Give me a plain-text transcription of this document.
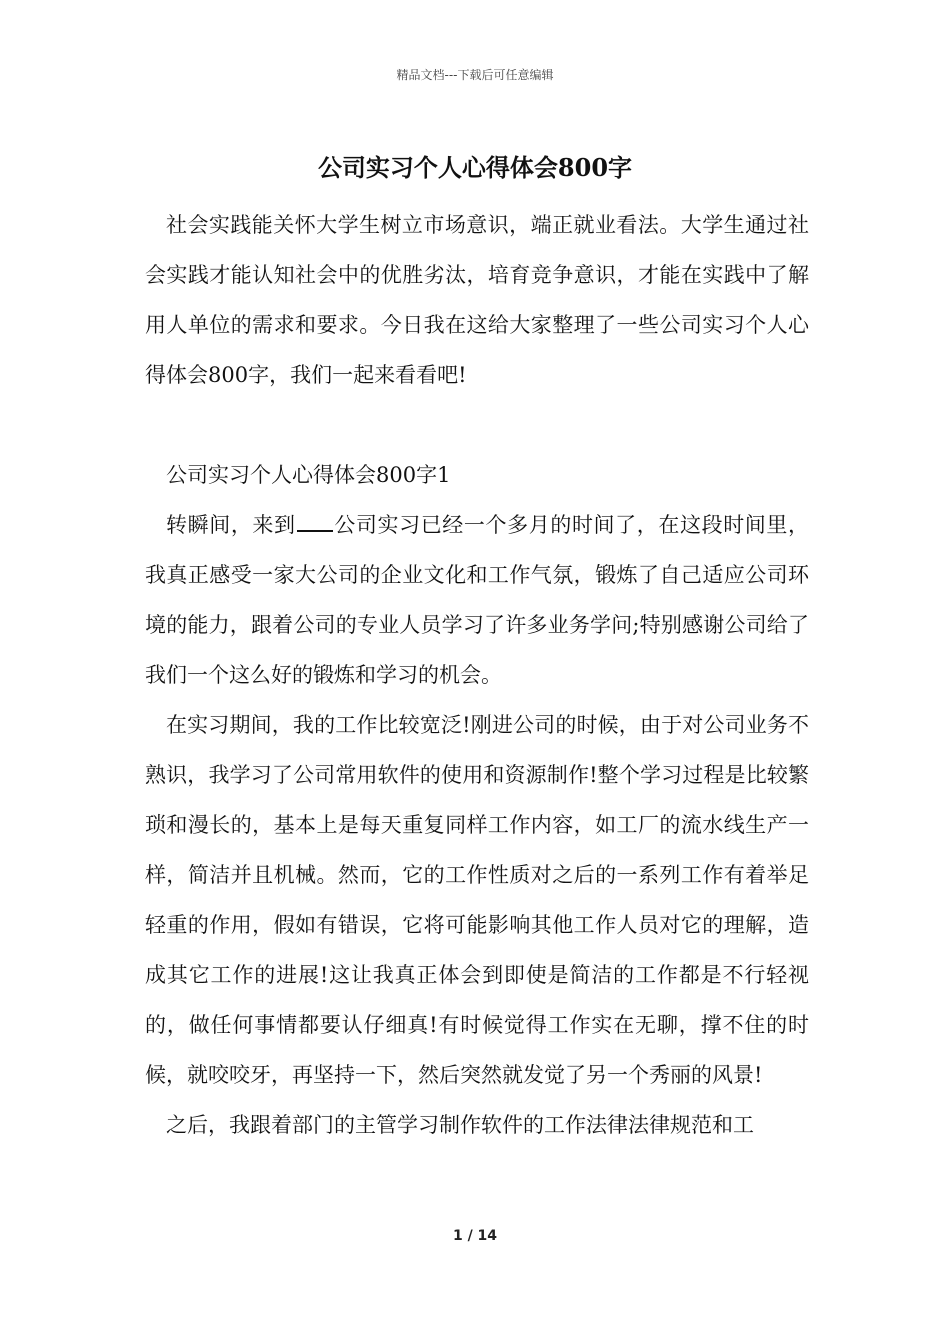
精品文档---下载后可任意编辑
公司实习个人心得体会800字

社会实践能关怀大学生树立市场意识，端正就业看法。大学生通过社会实践才能认知社会中的优胜劣汰，培育竞争意识，才能在实践中了解用人单位的需求和要求。今日我在这给大家整理了一些公司实习个人心得体会800字，我们一起来看看吧!

公司实习个人心得体会800字1

转瞬间，来到 公司实习已经一个多月的时间了，在这段时间里，我真正感受一家大公司的企业文化和工作气氛，锻炼了自己适应公司环境的能力，跟着公司的专业人员学习了许多业务学问;特别感谢公司给了我们一个这么好的锻炼和学习的机会。

在实习期间，我的工作比较宽泛!刚进公司的时候，由于对公司业务不熟识，我学习了公司常用软件的使用和资源制作!整个学习过程是比较繁琐和漫长的，基本上是每天重复同样工作内容，如工厂的流水线生产一样，简洁并且机械。然而，它的工作性质对之后的一系列工作有着举足轻重的作用，假如有错误，它将可能影响其他工作人员对它的理解，造成其它工作的进展!这让我真正体会到即使是简洁的工作都是不行轻视的，做任何事情都要认仔细真!有时候觉得工作实在无聊，撑不住的时候，就咬咬牙，再坚持一下，然后突然就发觉了另一个秀丽的风景!

之后，我跟着部门的主管学习制作软件的工作法律法律规范和工

1 / 14
